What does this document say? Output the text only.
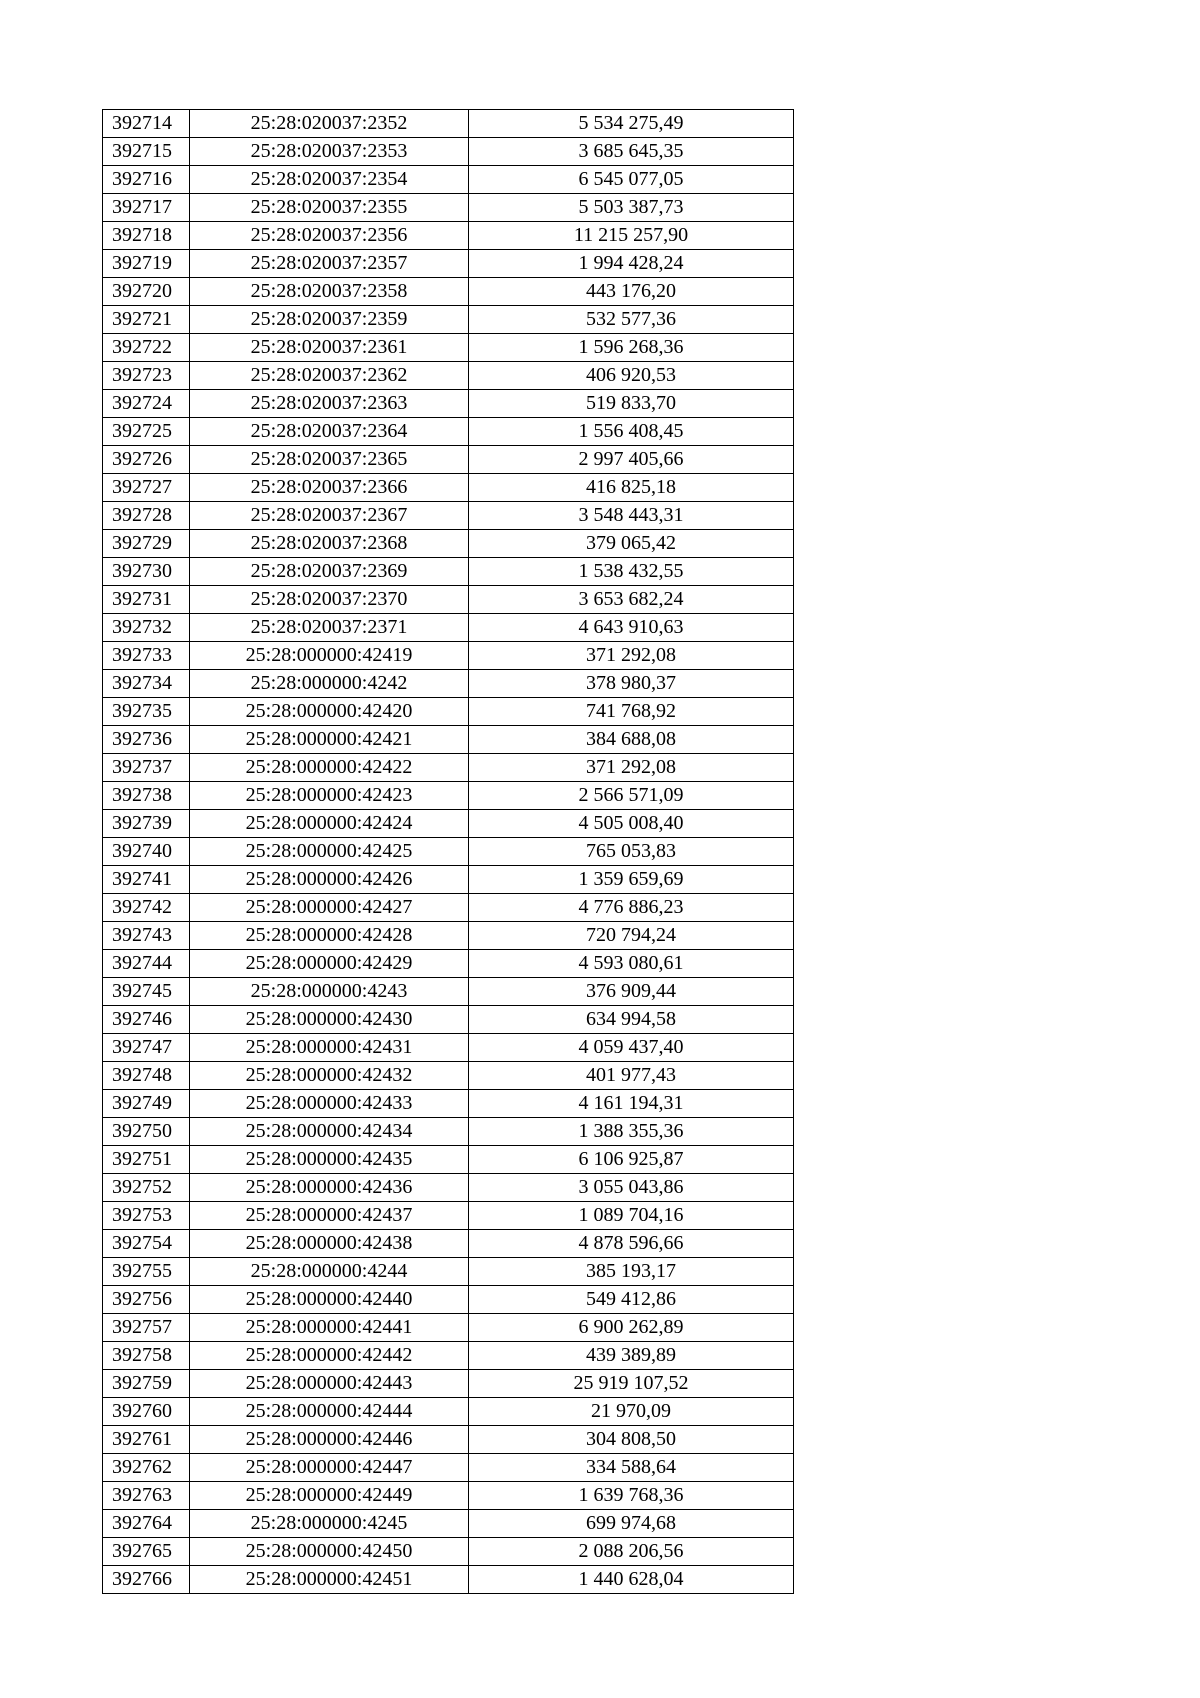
392714	25:28:020037:2352	5 534 275,49
392715	25:28:020037:2353	3 685 645,35
392716	25:28:020037:2354	6 545 077,05
392717	25:28:020037:2355	5 503 387,73
392718	25:28:020037:2356	11 215 257,90
392719	25:28:020037:2357	1 994 428,24
392720	25:28:020037:2358	443 176,20
392721	25:28:020037:2359	532 577,36
392722	25:28:020037:2361	1 596 268,36
392723	25:28:020037:2362	406 920,53
392724	25:28:020037:2363	519 833,70
392725	25:28:020037:2364	1 556 408,45
392726	25:28:020037:2365	2 997 405,66
392727	25:28:020037:2366	416 825,18
392728	25:28:020037:2367	3 548 443,31
392729	25:28:020037:2368	379 065,42
392730	25:28:020037:2369	1 538 432,55
392731	25:28:020037:2370	3 653 682,24
392732	25:28:020037:2371	4 643 910,63
392733	25:28:000000:42419	371 292,08
392734	25:28:000000:4242	378 980,37
392735	25:28:000000:42420	741 768,92
392736	25:28:000000:42421	384 688,08
392737	25:28:000000:42422	371 292,08
392738	25:28:000000:42423	2 566 571,09
392739	25:28:000000:42424	4 505 008,40
392740	25:28:000000:42425	765 053,83
392741	25:28:000000:42426	1 359 659,69
392742	25:28:000000:42427	4 776 886,23
392743	25:28:000000:42428	720 794,24
392744	25:28:000000:42429	4 593 080,61
392745	25:28:000000:4243	376 909,44
392746	25:28:000000:42430	634 994,58
392747	25:28:000000:42431	4 059 437,40
392748	25:28:000000:42432	401 977,43
392749	25:28:000000:42433	4 161 194,31
392750	25:28:000000:42434	1 388 355,36
392751	25:28:000000:42435	6 106 925,87
392752	25:28:000000:42436	3 055 043,86
392753	25:28:000000:42437	1 089 704,16
392754	25:28:000000:42438	4 878 596,66
392755	25:28:000000:4244	385 193,17
392756	25:28:000000:42440	549 412,86
392757	25:28:000000:42441	6 900 262,89
392758	25:28:000000:42442	439 389,89
392759	25:28:000000:42443	25 919 107,52
392760	25:28:000000:42444	21 970,09
392761	25:28:000000:42446	304 808,50
392762	25:28:000000:42447	334 588,64
392763	25:28:000000:42449	1 639 768,36
392764	25:28:000000:4245	699 974,68
392765	25:28:000000:42450	2 088 206,56
392766	25:28:000000:42451	1 440 628,04
